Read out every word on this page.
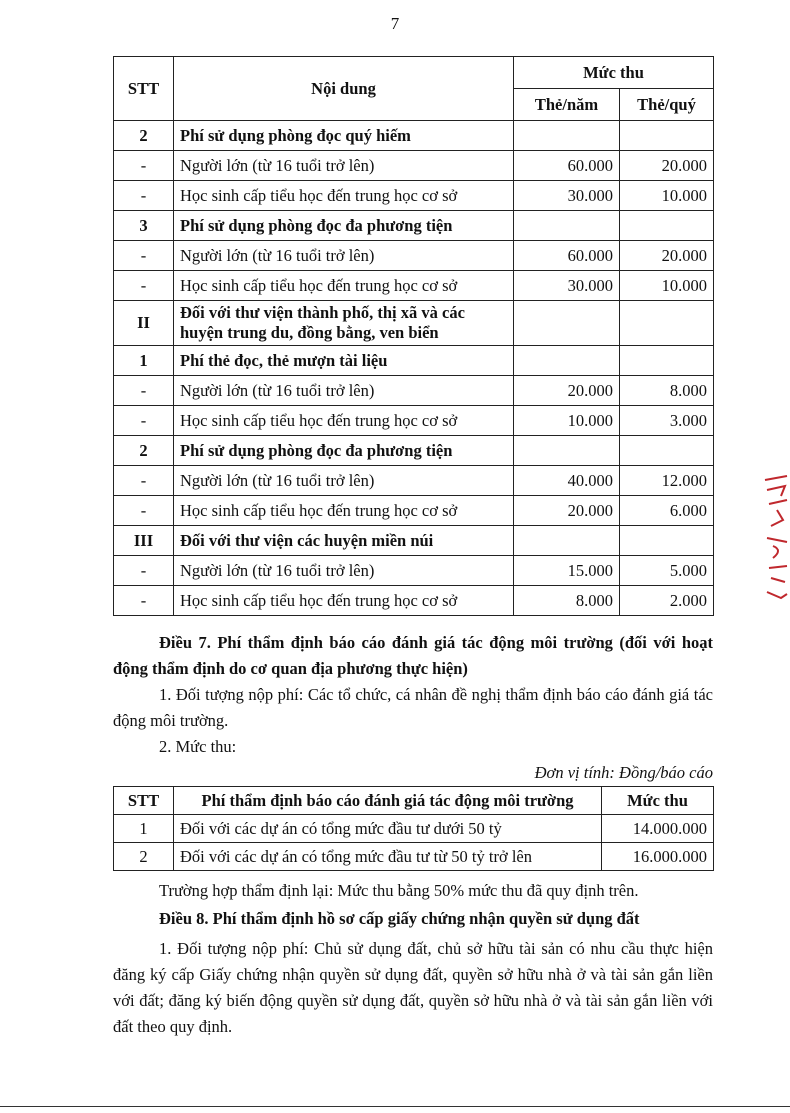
7
STT	Nội dung	Mức thu	
		Thẻ/năm	Thẻ/quý
2	Phí sử dụng phòng đọc quý hiếm		
-	Người lớn (từ 16 tuổi trở lên)	60.000	20.000
-	Học sinh cấp tiểu học đến trung học cơ sở	30.000	10.000
3	Phí sử dụng phòng đọc đa phương tiện		
-	Người lớn (từ 16 tuổi trở lên)	60.000	20.000
-	Học sinh cấp tiểu học đến trung học cơ sở	30.000	10.000
II	Đối với thư viện thành phố, thị xã và các huyện trung du, đồng bằng, ven biển		
1	Phí thẻ đọc, thẻ mượn tài liệu		
-	Người lớn (từ 16 tuổi trở lên)	20.000	8.000
-	Học sinh cấp tiểu học đến trung học cơ sở	10.000	3.000
2	Phí sử dụng phòng đọc đa phương tiện		
-	Người lớn (từ 16 tuổi trở lên)	40.000	12.000
-	Học sinh cấp tiểu học đến trung học cơ sở	20.000	6.000
III	Đối với thư viện các huyện miền núi		
-	Người lớn (từ 16 tuổi trở lên)	15.000	5.000
-	Học sinh cấp tiểu học đến trung học cơ sở	8.000	2.000
Điều 7. Phí thẩm định báo cáo đánh giá tác động môi trường (đối với hoạt động thẩm định do cơ quan địa phương thực hiện)
1. Đối tượng nộp phí: Các tổ chức, cá nhân đề nghị thẩm định báo cáo đánh giá tác động môi trường.
2. Mức thu:
Đơn vị tính: Đồng/báo cáo
STT	Phí thẩm định báo cáo đánh giá tác động môi trường	Mức thu
1	Đối với các dự án có tổng mức đầu tư dưới 50 tỷ	14.000.000
2	Đối với các dự án có tổng mức đầu tư từ 50 tỷ trở lên	16.000.000
Trường hợp thẩm định lại: Mức thu bằng 50% mức thu đã quy định trên.
Điều 8. Phí thẩm định hồ sơ cấp giấy chứng nhận quyền sử dụng đất
1. Đối tượng nộp phí: Chủ sử dụng đất, chủ sở hữu tài sản có nhu cầu thực hiện đăng ký cấp Giấy chứng nhận quyền sử dụng đất, quyền sở hữu nhà ở và tài sản gắn liền với đất; đăng ký biến động quyền sử dụng đất, quyền sở hữu nhà ở và tài sản gắn liền với đất theo quy định.
